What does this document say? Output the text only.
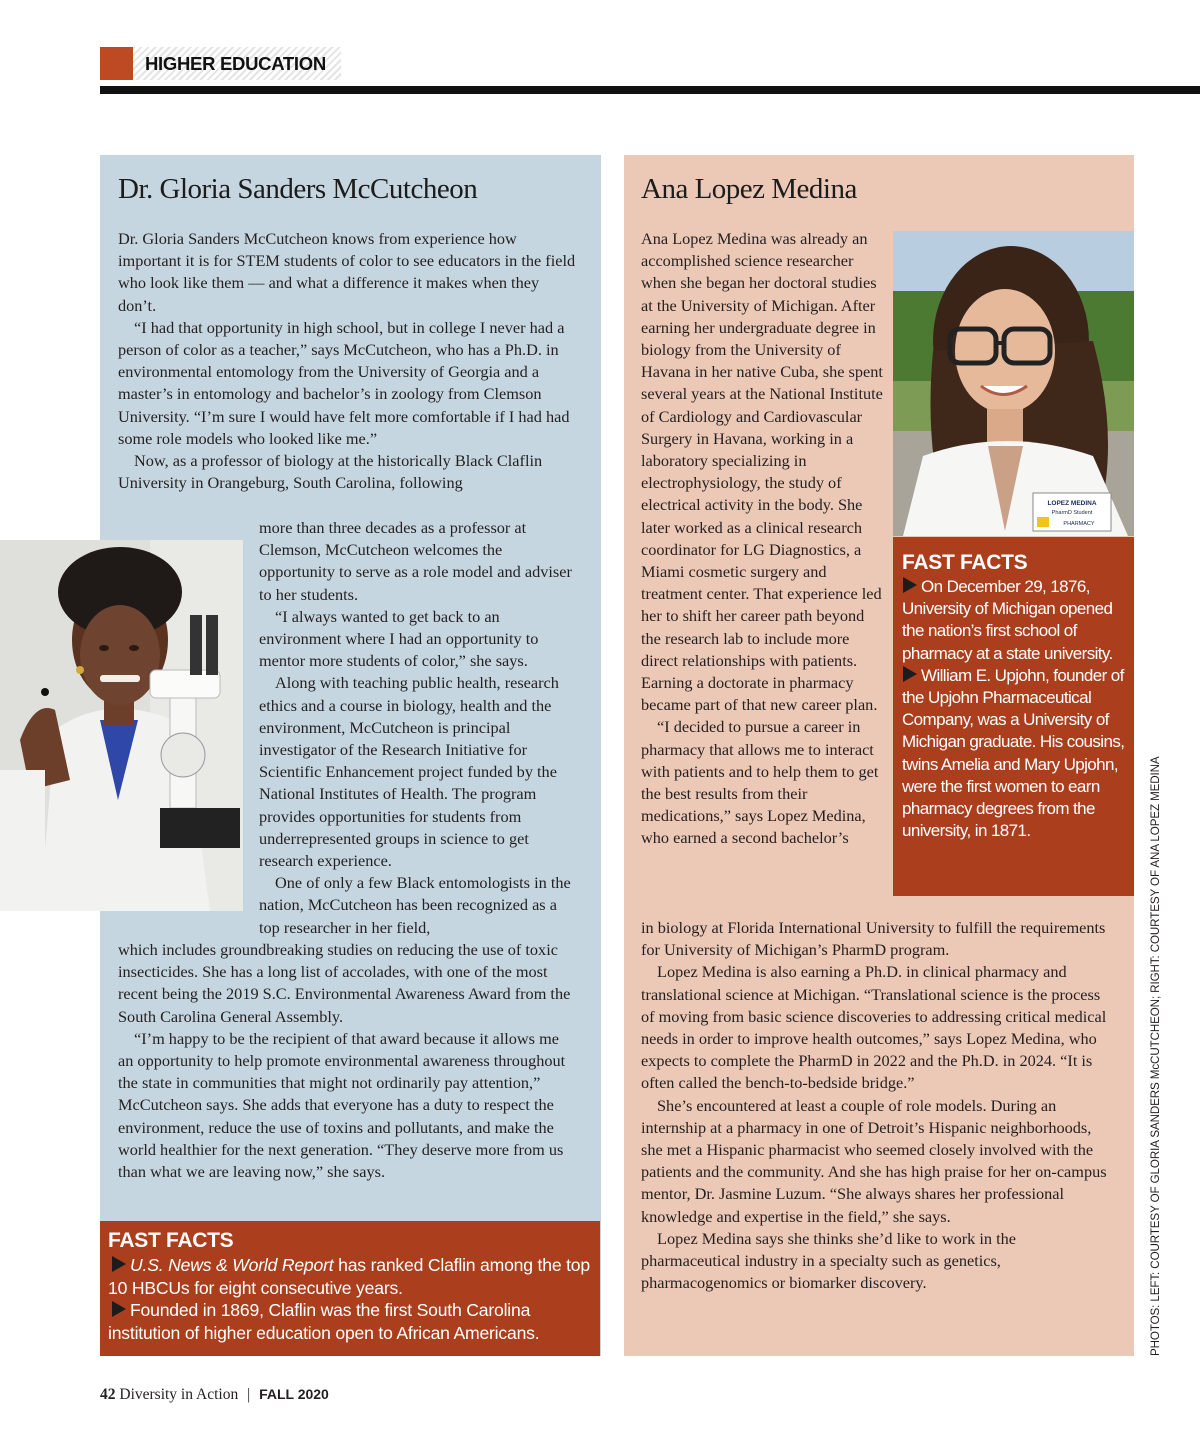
HIGHER EDUCATION
Dr. Gloria Sanders McCutcheon

Dr. Gloria Sanders McCutcheon knows from experience how important it is for STEM students of color to see educators in the field who look like them — and what a difference it makes when they don’t.

“I had that opportunity in high school, but in college I never had a person of color as a teacher,” says McCutcheon, who has a Ph.D. in environmental entomology from the University of Georgia and a master’s in entomology and bachelor’s in zoology from Clemson University. “I’m sure I would have felt more comfortable if I had had some role models who looked like me.”

Now, as a professor of biology at the historically Black Claflin University in Orangeburg, South Carolina, following

more than three decades as a professor at Clemson, McCutcheon welcomes the opportunity to serve as a role model and adviser to her students.

“I always wanted to get back to an environment where I had an opportunity to mentor more students of color,” she says.

Along with teaching public health, research ethics and a course in biology, health and the environment, McCutcheon is principal investigator of the Research Initiative for Scientific Enhancement project funded by the National Institutes of Health. The program provides opportunities for students from underrepresented groups in science to get research experience.

One of only a few Black entomologists in the nation, McCutcheon has been recognized as a top researcher in her field,

which includes groundbreaking studies on reducing the use of toxic insecticides. She has a long list of accolades, with one of the most recent being the 2019 S.C. Environmental Awareness Award from the South Carolina General Assembly.

“I’m happy to be the recipient of that award because it allows me an opportunity to help promote environmental awareness throughout the state in communities that might not ordinarily pay attention,” McCutcheon says. She adds that everyone has a duty to respect the environment, reduce the use of toxins and pollutants, and make the world healthier for the next generation. “They deserve more from us than what we are leaving now,” she says.

FAST FACTS
U.S. News & World Report has ranked Claflin among the top 10 HBCUs for eight consecutive years.
Founded in 1869, Claflin was the first South Carolina institution of higher education open to African Americans.
Ana Lopez Medina

Ana Lopez Medina was already an accomplished science researcher when she began her doctoral studies at the University of Michigan. After earning her undergraduate degree in biology from the University of Havana in her native Cuba, she spent several years at the National Institute of Cardiology and Cardiovascular Surgery in Havana, working in a laboratory specializing in electrophysiology, the study of electrical activity in the body. She later worked as a clinical research coordinator for LG Diagnostics, a Miami cosmetic surgery and treatment center. That experience led her to shift her career path beyond the research lab to include more direct relationships with patients. Earning a doctorate in pharmacy became part of that new career plan.

“I decided to pursue a career in pharmacy that allows me to interact with patients and to help them to get the best results from their medications,” says Lopez Medina, who earned a second bachelor’s

in biology at Florida International University to fulfill the requirements for University of Michigan’s PharmD program.

Lopez Medina is also earning a Ph.D. in clinical pharmacy and translational science at Michigan. “Translational science is the process of moving from basic science discoveries to addressing critical medical needs in order to improve health outcomes,” says Lopez Medina, who expects to complete the PharmD in 2022 and the Ph.D. in 2024. “It is often called the bench-to-bedside bridge.”

She’s encountered at least a couple of role models. During an internship at a pharmacy in one of Detroit’s Hispanic neighborhoods, she met a Hispanic pharmacist who seemed closely involved with the patients and the community. And she has high praise for her on-campus mentor, Dr. Jasmine Luzum. “She always shares her professional knowledge and expertise in the field,” she says.

Lopez Medina says she thinks she’d like to work in the pharmaceutical industry in a specialty such as genetics, pharmacogenomics or biomarker discovery.

LOPEZ MEDINA
PharmD Student
PHARMACY
FAST FACTS
On December 29, 1876, University of Michigan opened the nation’s first school of pharmacy at a state university.
William E. Upjohn, founder of the Upjohn Pharmaceutical Company, was a University of Michigan graduate. His cousins, twins Amelia and Mary Upjohn, were the first women to earn pharmacy degrees from the university, in 1871.	PHOTOS: LEFT: COURTESY OF GLORIA SANDERS McCUTCHEON; RIGHT: COURTESY OF ANA LOPEZ MEDINA
42 Diversity in Action | FALL 2020
